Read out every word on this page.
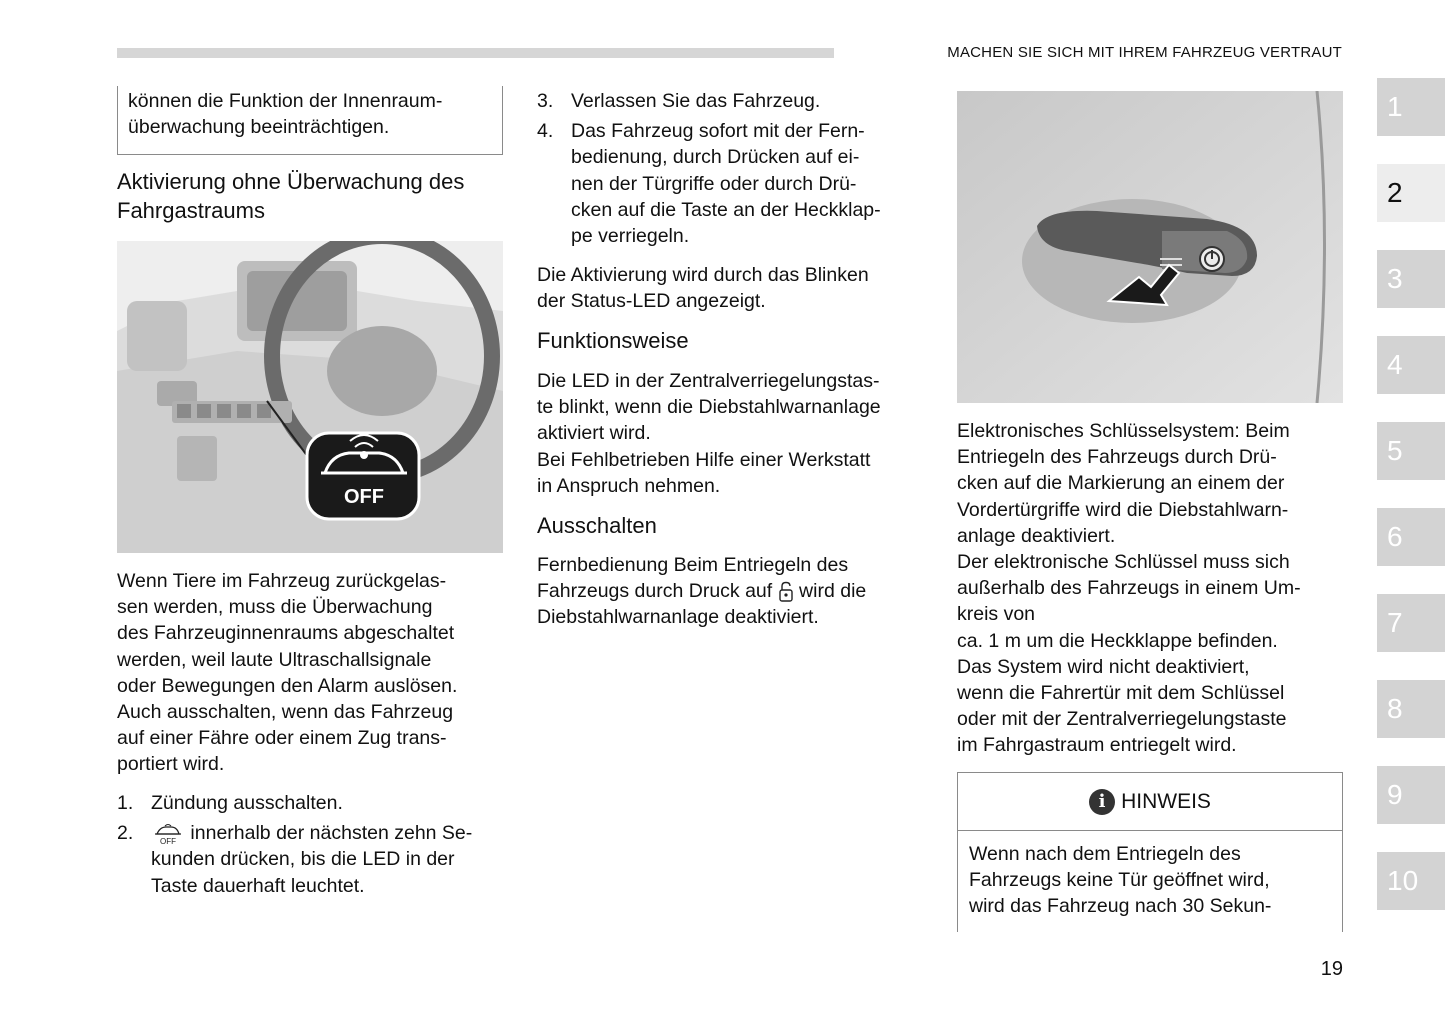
MACHEN SIE SICH MIT IHREM FAHRZEUG VERTRAUT
können die Funktion der Innenraum-
überwachung beeinträchtigen.
Aktivierung ohne Überwachung des
Fahrgastraums
OFF
Wenn Tiere im Fahrzeug zurückgelas-
sen werden, muss die Überwachung
des Fahrzeuginnenraums abgeschaltet
werden, weil laute Ultraschallsignale
oder Bewegungen den Alarm auslösen.
Auch ausschalten, wenn das Fahrzeug
auf einer Fähre oder einem Zug trans-
portiert wird.
1. Zündung ausschalten.
2.	OFF innerhalb der nächsten zehn Se-
kunden drücken, bis die LED in der
Taste dauerhaft leuchtet.
3. Verlassen Sie das Fahrzeug.
4. Das Fahrzeug sofort mit der Fern-
bedienung, durch Drücken auf ei-
nen der Türgriffe oder durch Drü-
cken auf die Taste an der Heckklap-
pe verriegeln.
Die Aktivierung wird durch das Blinken
der Status-LED angezeigt.
Funktionsweise
Die LED in der Zentralverriegelungstas-
te blinkt, wenn die Diebstahlwarnanlage
aktiviert wird.
Bei Fehlbetrieben Hilfe einer Werkstatt
in Anspruch nehmen.
Ausschalten
Fernbedienung Beim Entriegeln des
Fahrzeugs durch Druck auf wird die
Diebstahlwarnanlage deaktiviert.
Elektronisches Schlüsselsystem: Beim
Entriegeln des Fahrzeugs durch Drü-
cken auf die Markierung an einem der
Vordertürgriffe wird die Diebstahlwarn-
anlage deaktiviert.
Der elektronische Schlüssel muss sich
außerhalb des Fahrzeugs in einem Um-
kreis von
ca. 1 m um die Heckklappe befinden.
Das System wird nicht deaktiviert,
wenn die Fahrertür mit dem Schlüssel
oder mit der Zentralverriegelungstaste
im Fahrgastraum entriegelt wird.
i HINWEIS
Wenn nach dem Entriegeln des
Fahrzeugs keine Tür geöffnet wird,
wird das Fahrzeug nach 30 Sekun-
1
2
3
4
5
6
7
8
9
10
19
